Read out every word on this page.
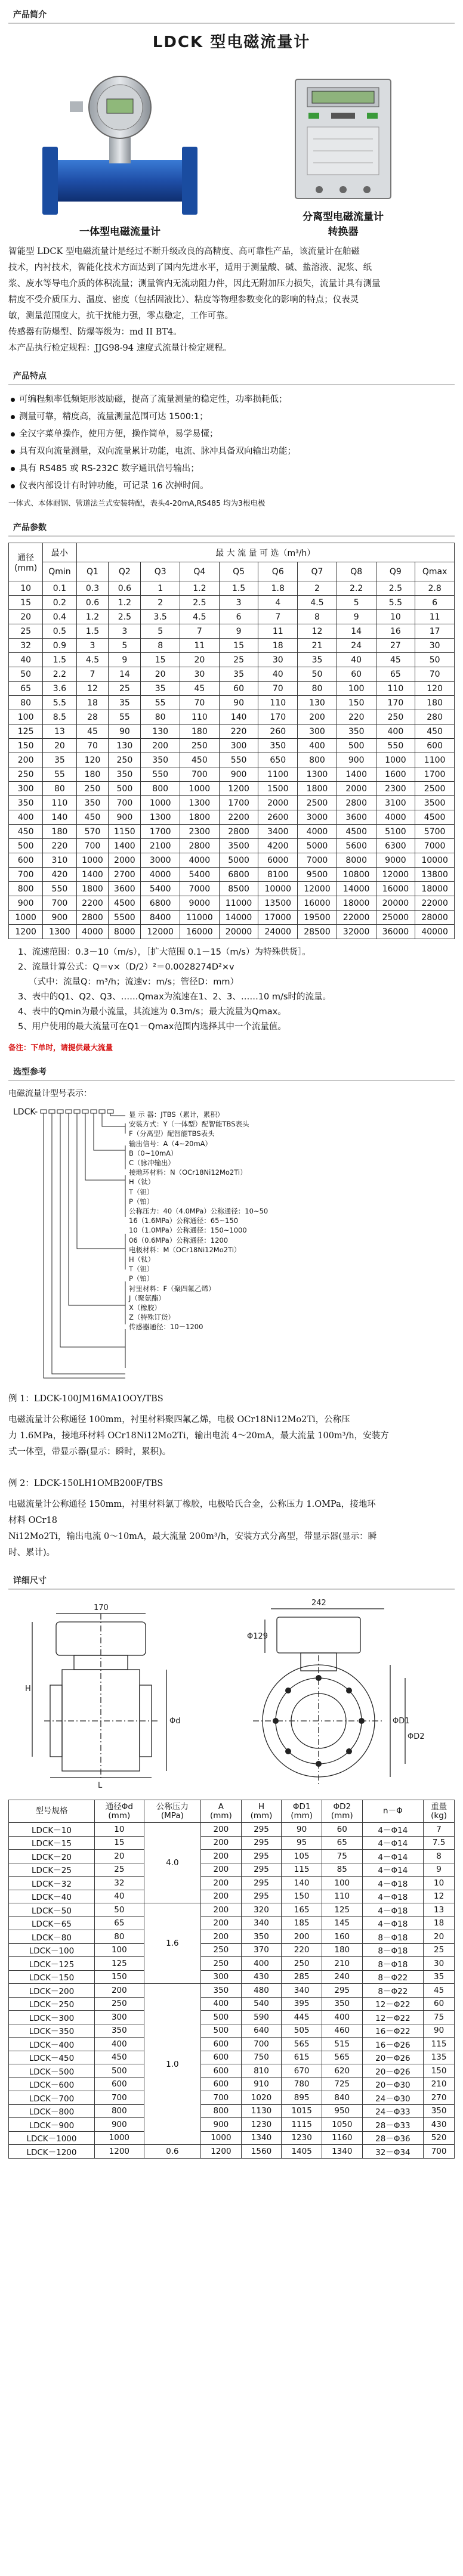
产品简介
LDCK 型电磁流量计
一体型电磁流量计
分离型电磁流量计
转换器

智能型 LDCK 型电磁流量计是经过不断升级改良的高精度、高可靠性产品，该流量计在舶磁

技术，内衬技术，智能化技术方面达到了国内先进水平，适用于测量酸、碱、盐溶液、泥浆、纸

浆、废水等导电介质的体积流量；测量管内无流动阻力件，因此无附加压力损失，流量计具有测量

精度不受介质压力、温度、密度（包括固液比）、粘度等物理参数变化的影响的特点；仪表灵

敏，测量范围度大，抗干扰能力强，零点稳定，工作可靠。

传感器有防爆型、防爆等级为：md II BT4。

本产品执行检定规程：JJG98-94 速度式流量计检定规程。

产品特点
可编程频率低频矩形波励磁，提高了流量测量的稳定性，功率损耗低；
测量可靠，精度高，流量测量范围可达 1500:1；
全汉字菜单操作，使用方便，操作简单，易学易懂；
具有双向流量测量，双向流量累计功能，电流、脉冲具备双向输出功能；
具有 RS485 或 RS-232C 数字通讯信号输出；
仪表内部设计有时钟功能，可记录 16 次掉时间。
一体式、本体耐钢、管道法兰式安装转配，表头4-20mA,RS485 均为3根电极
产品参数
通径
(mm)	最小	最 大 流 量 可 选（m³/h）									
	Qmin	Q1	Q2	Q3	Q4	Q5	Q6	Q7	Q8	Q9	Qmax
10	0.1	0.3	0.6	1	1.2	1.5	1.8	2	2.2	2.5	2.8
15	0.2	0.6	1.2	2	2.5	3	4	4.5	5	5.5	6
20	0.4	1.2	2.5	3.5	4.5	6	7	8	9	10	11
25	0.5	1.5	3	5	7	9	11	12	14	16	17
32	0.9	3	5	8	11	15	18	21	24	27	30
40	1.5	4.5	9	15	20	25	30	35	40	45	50
50	2.2	7	14	20	30	35	40	50	60	65	70
65	3.6	12	25	35	45	60	70	80	100	110	120
80	5.5	18	35	55	70	90	110	130	150	170	180
100	8.5	28	55	80	110	140	170	200	220	250	280
125	13	45	90	130	180	220	260	300	350	400	450
150	20	70	130	200	250	300	350	400	500	550	600
200	35	120	250	350	450	550	650	800	900	1000	1100
250	55	180	350	550	700	900	1100	1300	1400	1600	1700
300	80	250	500	800	1000	1200	1500	1800	2000	2300	2500
350	110	350	700	1000	1300	1700	2000	2500	2800	3100	3500
400	140	450	900	1300	1800	2200	2600	3000	3600	4000	4500
450	180	570	1150	1700	2300	2800	3400	4000	4500	5100	5700
500	220	700	1400	2100	2800	3500	4200	5000	5600	6300	7000
600	310	1000	2000	3000	4000	5000	6000	7000	8000	9000	10000
700	420	1400	2700	4000	5400	6800	8100	9500	10800	12000	13800
800	550	1800	3600	5400	7000	8500	10000	12000	14000	16000	18000
900	700	2200	4500	6800	9000	11000	13500	16000	18000	20000	22000
1000	900	2800	5500	8400	11000	14000	17000	19500	22000	25000	28000
1200	1300	4000	8000	12000	16000	20000	24000	28500	32000	36000	40000

1、流速范围：0.3－10（m/s），［扩大范围 0.1－15（m/s）为特殊供货］。

2、流量计算公式：Q＝v×（D/2）²＝0.0028274D²×v

（式中：流量Q：m³/h；流速v：m/s；管径D：mm）

3、表中的Q1、Q2、Q3、……Qmax为流速在1、2、3、……10 m/s时的流量。

4、表中的Qmin为最小流量，其流速为 0.3m/s；最大流量为Qmax。

5、用户使用的最大流量可在Q1－Qmax范围内选择其中一个流量值。

备注：下单时，请提供最大流量
选型参考
电磁流量计型号表示：
LDCK-	显 示 器：JTBS（累计，累积）
安装方式：Y（一体型）配智能TBS表头
F（分离型）配智能TBS表头
输出信号：A（4~20mA）
B（0~10mA）
C（脉冲输出）
接地环材料：N（OCr18Ni12Mo2Ti）
H（钛）
T（钽）
P（铂）
公称压力：40（4.0MPa）公称通径：10~50
16（1.6MPa）公称通径：65~150
10（1.0MPa）公称通径：150~1000
06（0.6MPa）公称通径：1200
电极材料：M（OCr18Ni12Mo2Ti）
H（钛）
T（钽）
P（铂）
衬里材料：F（聚四氟乙烯）
J（聚氨酯）
X（橡胶）
Z（特殊订货）
传感器通径：10－1200

例 1：LDCK-100JM16MA1OOY/TBS

电磁流量计公称通径 100mm，衬里材料聚四氟乙烯，电极 OCr18Ni12Mo2Ti，公称压

力 1.6MPa，接地环材料 OCr18Ni12Mo2Ti，输出电流 4～20mA，最大流量 100m³/h，安装方

式一体型，带显示器(显示：瞬时，累积)。

例 2：LDCK-150LH1OMB200F/TBS

电磁流量计公称通径 150mm，衬里材料氯丁橡胶，电极哈氏合金，公称压力 1.OMPa，接地环

材料 OCr18

Ni12Mo2Ti，输出电流 0～10mA，最大流量 200m³/h，安装方式分离型，带显示器(显示：瞬

时、累计)。

详细尺寸
170
H
L
Φd
242
Φ129
ΦD1
ΦD2
型号规格	通径Φd
(mm)	公称压力
(MPa)	A
(mm)	H
(mm)	ΦD1
(mm)	ΦD2
(mm)	n－Φ	重量
(kg)
LDCK－10	10	4.0	200	295	90	60	4－Φ14	7
LDCK－15	15		200	295	95	65	4－Φ14	7.5
LDCK－20	20		200	295	105	75	4－Φ14	8
LDCK－25	25		200	295	115	85	4－Φ14	9
LDCK－32	32		200	295	140	100	4－Φ18	10
LDCK－40	40		200	295	150	110	4－Φ18	12
LDCK－50	50	1.6	200	320	165	125	4－Φ18	13
LDCK－65	65		200	340	185	145	4－Φ18	18
LDCK－80	80		200	350	200	160	8－Φ18	20
LDCK－100	100		250	370	220	180	8－Φ18	25
LDCK－125	125		250	400	250	210	8－Φ18	30
LDCK－150	150		300	430	285	240	8－Φ22	35
LDCK－200	200	1.0	350	480	340	295	8－Φ22	45
LDCK－250	250		400	540	395	350	12－Φ22	60
LDCK－300	300		500	590	445	400	12－Φ22	75
LDCK－350	350		500	640	505	460	16－Φ22	90
LDCK－400	400		600	700	565	515	16－Φ26	115
LDCK－450	450		600	750	615	565	20－Φ26	135
LDCK－500	500		600	810	670	620	20－Φ26	150
LDCK－600	600		600	910	780	725	20－Φ30	210
LDCK－700	700		700	1020	895	840	24－Φ30	270
LDCK－800	800		800	1130	1015	950	24－Φ33	350
LDCK－900	900		900	1230	1115	1050	28－Φ33	430
LDCK－1000	1000		1000	1340	1230	1160	28－Φ36	520
LDCK－1200	1200	0.6	1200	1560	1405	1340	32－Φ34	700
